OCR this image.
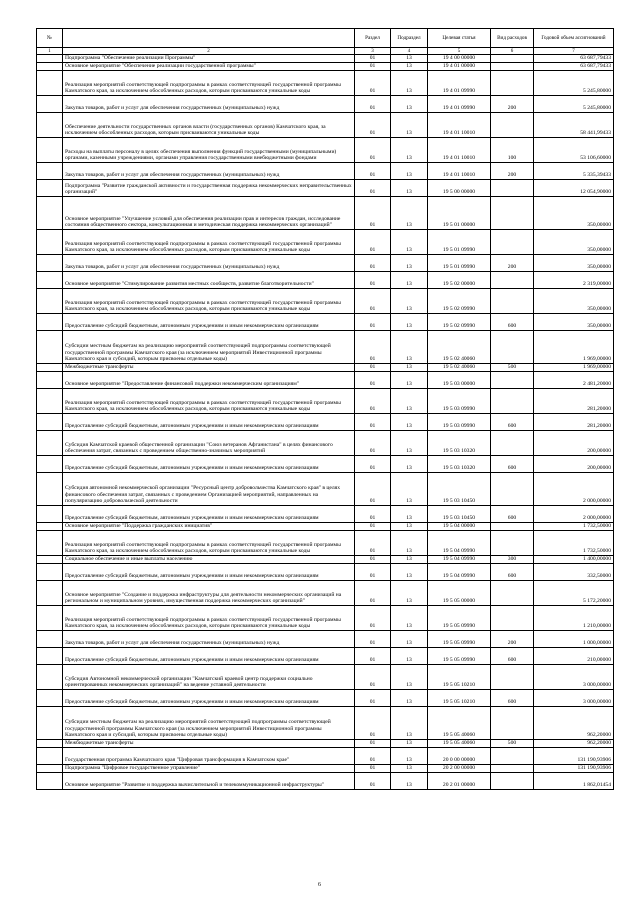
№		Раздел	Подраздел	Целевая статья	Вид расходов	Годовой объем ассигнований
1	2	3	4	5	6	7
	Подпрограмма "Обеспечение реализации Программы"	01	13	19 4 00 00000		63 687,79433
	Основное мероприятие "Обеспечение реализации государственной программы"	01	13	19 4 01 00000		63 687,79433
	Реализация мероприятий соответствующей подпрограммы в рамках соответствующей государственной программы Камчатского края, за исключением обособленных расходов, которым присваиваются уникальные коды	01	13	19 4 01 09990		5 245,80000
	Закупка товаров, работ и услуг для обеспечения государственных (муниципальных) нужд	01	13	19 4 01 09990	200	5 245,80000
	Обеспечение деятельности государственных органов власти (государственных органов) Камчатского края, за исключением обособленных расходов, которым присваиваются уникальные коды	01	13	19 4 01 10010		58 441,99433
	Расходы на выплаты персоналу в целях обеспечения выполнения функций государственными (муниципальными) органами, казенными учреждениями, органами управления государственными внебюджетными фондами	01	13	19 4 01 10010	100	53 106,60000
	Закупка товаров, работ и услуг для обеспечения государственных (муниципальных) нужд	01	13	19 4 01 10010	200	5 335,39433
	Подпрограмма "Развитие гражданской активности и государственная поддержка некоммерческих неправительственных организаций"	01	13	19 5 00 00000		12 054,90000
	Основное мероприятие "Улучшение условий для обеспечения реализации прав и интересов граждан, исследование состояния общественного сектора, консультационная и методическая поддержка некоммерческих организаций"	01	13	19 5 01 00000		350,00000
	Реализация мероприятий соответствующей подпрограммы в рамках соответствующей государственной программы Камчатского края, за исключением обособленных расходов, которым присваиваются уникальные коды	01	13	19 5 01 09990		350,00000
	Закупка товаров, работ и услуг для обеспечения государственных (муниципальных) нужд	01	13	19 5 01 09990	200	350,00000
	Основное мероприятие "Стимулирование развития местных сообществ, развитие благотворительности"	01	13	19 5 02 00000		2 319,00000
	Реализация мероприятий соответствующей подпрограммы в рамках соответствующей государственной программы Камчатского края, за исключением обособленных расходов, которым присваиваются уникальные коды	01	13	19 5 02 09990		350,00000
	Предоставление субсидий бюджетным, автономным учреждениям и иным некоммерческим организациям	01	13	19 5 02 09990	600	350,00000
	Субсидии местным бюджетам на реализацию мероприятий соответствующей подпрограммы соответствующей государственной программы Камчатского края (за исключением мероприятий Инвестиционной программы Камчатского края и субсидий, которым присвоены отдельные коды)	01	13	19 5 02 40060		1 969,00000
	Межбюджетные трансферты	01	13	19 5 02 40060	500	1 969,00000
	Основное мероприятие "Предоставление финансовой поддержки некоммерческим организациям"	01	13	19 5 03 00000		2 481,20000
	Реализация мероприятий соответствующей подпрограммы в рамках соответствующей государственной программы Камчатского края, за исключением обособленных расходов, которым присваиваются уникальные коды	01	13	19 5 03 09990		281,20000
	Предоставление субсидий бюджетным, автономным учреждениям и иным некоммерческим организациям	01	13	19 5 03 09990	600	281,20000
	Субсидия Камчатской краевой общественной организации "Союз ветеранов Афганистана" в целях финансового обеспечения затрат, связанных с проведением общественно-значимых мероприятий	01	13	19 5 03 10320		200,00000
	Предоставление субсидий бюджетным, автономным учреждениям и иным некоммерческим организациям	01	13	19 5 03 10320	600	200,00000
	Субсидия автономной некоммерческой организации "Ресурсный центр добровольчества Камчатского края" в целях финансового обеспечения затрат, связанных с проведением Организацией мероприятий, направленных на популяризацию добровольческой деятельности	01	13	19 5 03 10450		2 000,00000
	Предоставление субсидий бюджетным, автономным учреждениям и иным некоммерческим организациям	01	13	19 5 03 10450	600	2 000,00000
	Основное мероприятие "Поддержка гражданских инициатив"	01	13	19 5 04 00000		1 732,50000
	Реализация мероприятий соответствующей подпрограммы в рамках соответствующей государственной программы Камчатского края, за исключением обособленных расходов, которым присваиваются уникальные коды	01	13	19 5 04 09990		1 732,50000
	Социальное обеспечение и иные выплаты населению	01	13	19 5 04 09990	300	1 400,00000
	Предоставление субсидий бюджетным, автономным учреждениям и иным некоммерческим организациям	01	13	19 5 04 09990	600	332,50000
	Основное мероприятие "Создание и поддержка инфраструктуры для деятельности некоммерческих организаций на региональном и муниципальном уровнях, имущественная поддержка некоммерческих организаций"	01	13	19 5 05 00000		5 172,20000
	Реализация мероприятий соответствующей подпрограммы в рамках соответствующей государственной программы Камчатского края, за исключением обособленных расходов, которым присваиваются уникальные коды	01	13	19 5 05 09990		1 210,00000
	Закупка товаров, работ и услуг для обеспечения государственных (муниципальных) нужд	01	13	19 5 05 09990	200	1 000,00000
	Предоставление субсидий бюджетным, автономным учреждениям и иным некоммерческим организациям	01	13	19 5 05 09990	600	210,00000
	Субсидия Автономной некоммерческой организации "Камчатский краевой центр поддержки социально ориентированных некоммерческих организаций" на ведение уставной деятельности	01	13	19 5 05 10210		3 000,00000
	Предоставление субсидий бюджетным, автономным учреждениям и иным некоммерческим организациям	01	13	19 5 05 10210	600	3 000,00000
	Субсидии местным бюджетам на реализацию мероприятий соответствующей подпрограммы соответствующей государственной программы Камчатского края (за исключением мероприятий Инвестиционной программы Камчатского края и субсидий, которым присвоены отдельные коды)	01	13	19 5 05 40060		962,20000
	Межбюджетные трансферты	01	13	19 5 05 40060	500	962,20000
	Государственная программа Камчатского края "Цифровая трансформация в Камчатском крае"	01	13	20 0 00 00000		131 190,93906
	Подпрограмма "Цифровое государственное управление"	01	13	20 2 00 00000		131 190,93906
	Основное мероприятие "Развитие и поддержка вычислительной и телекоммуникационной инфраструктуры"	01	13	20 2 01 00000		1 862,01454
6
